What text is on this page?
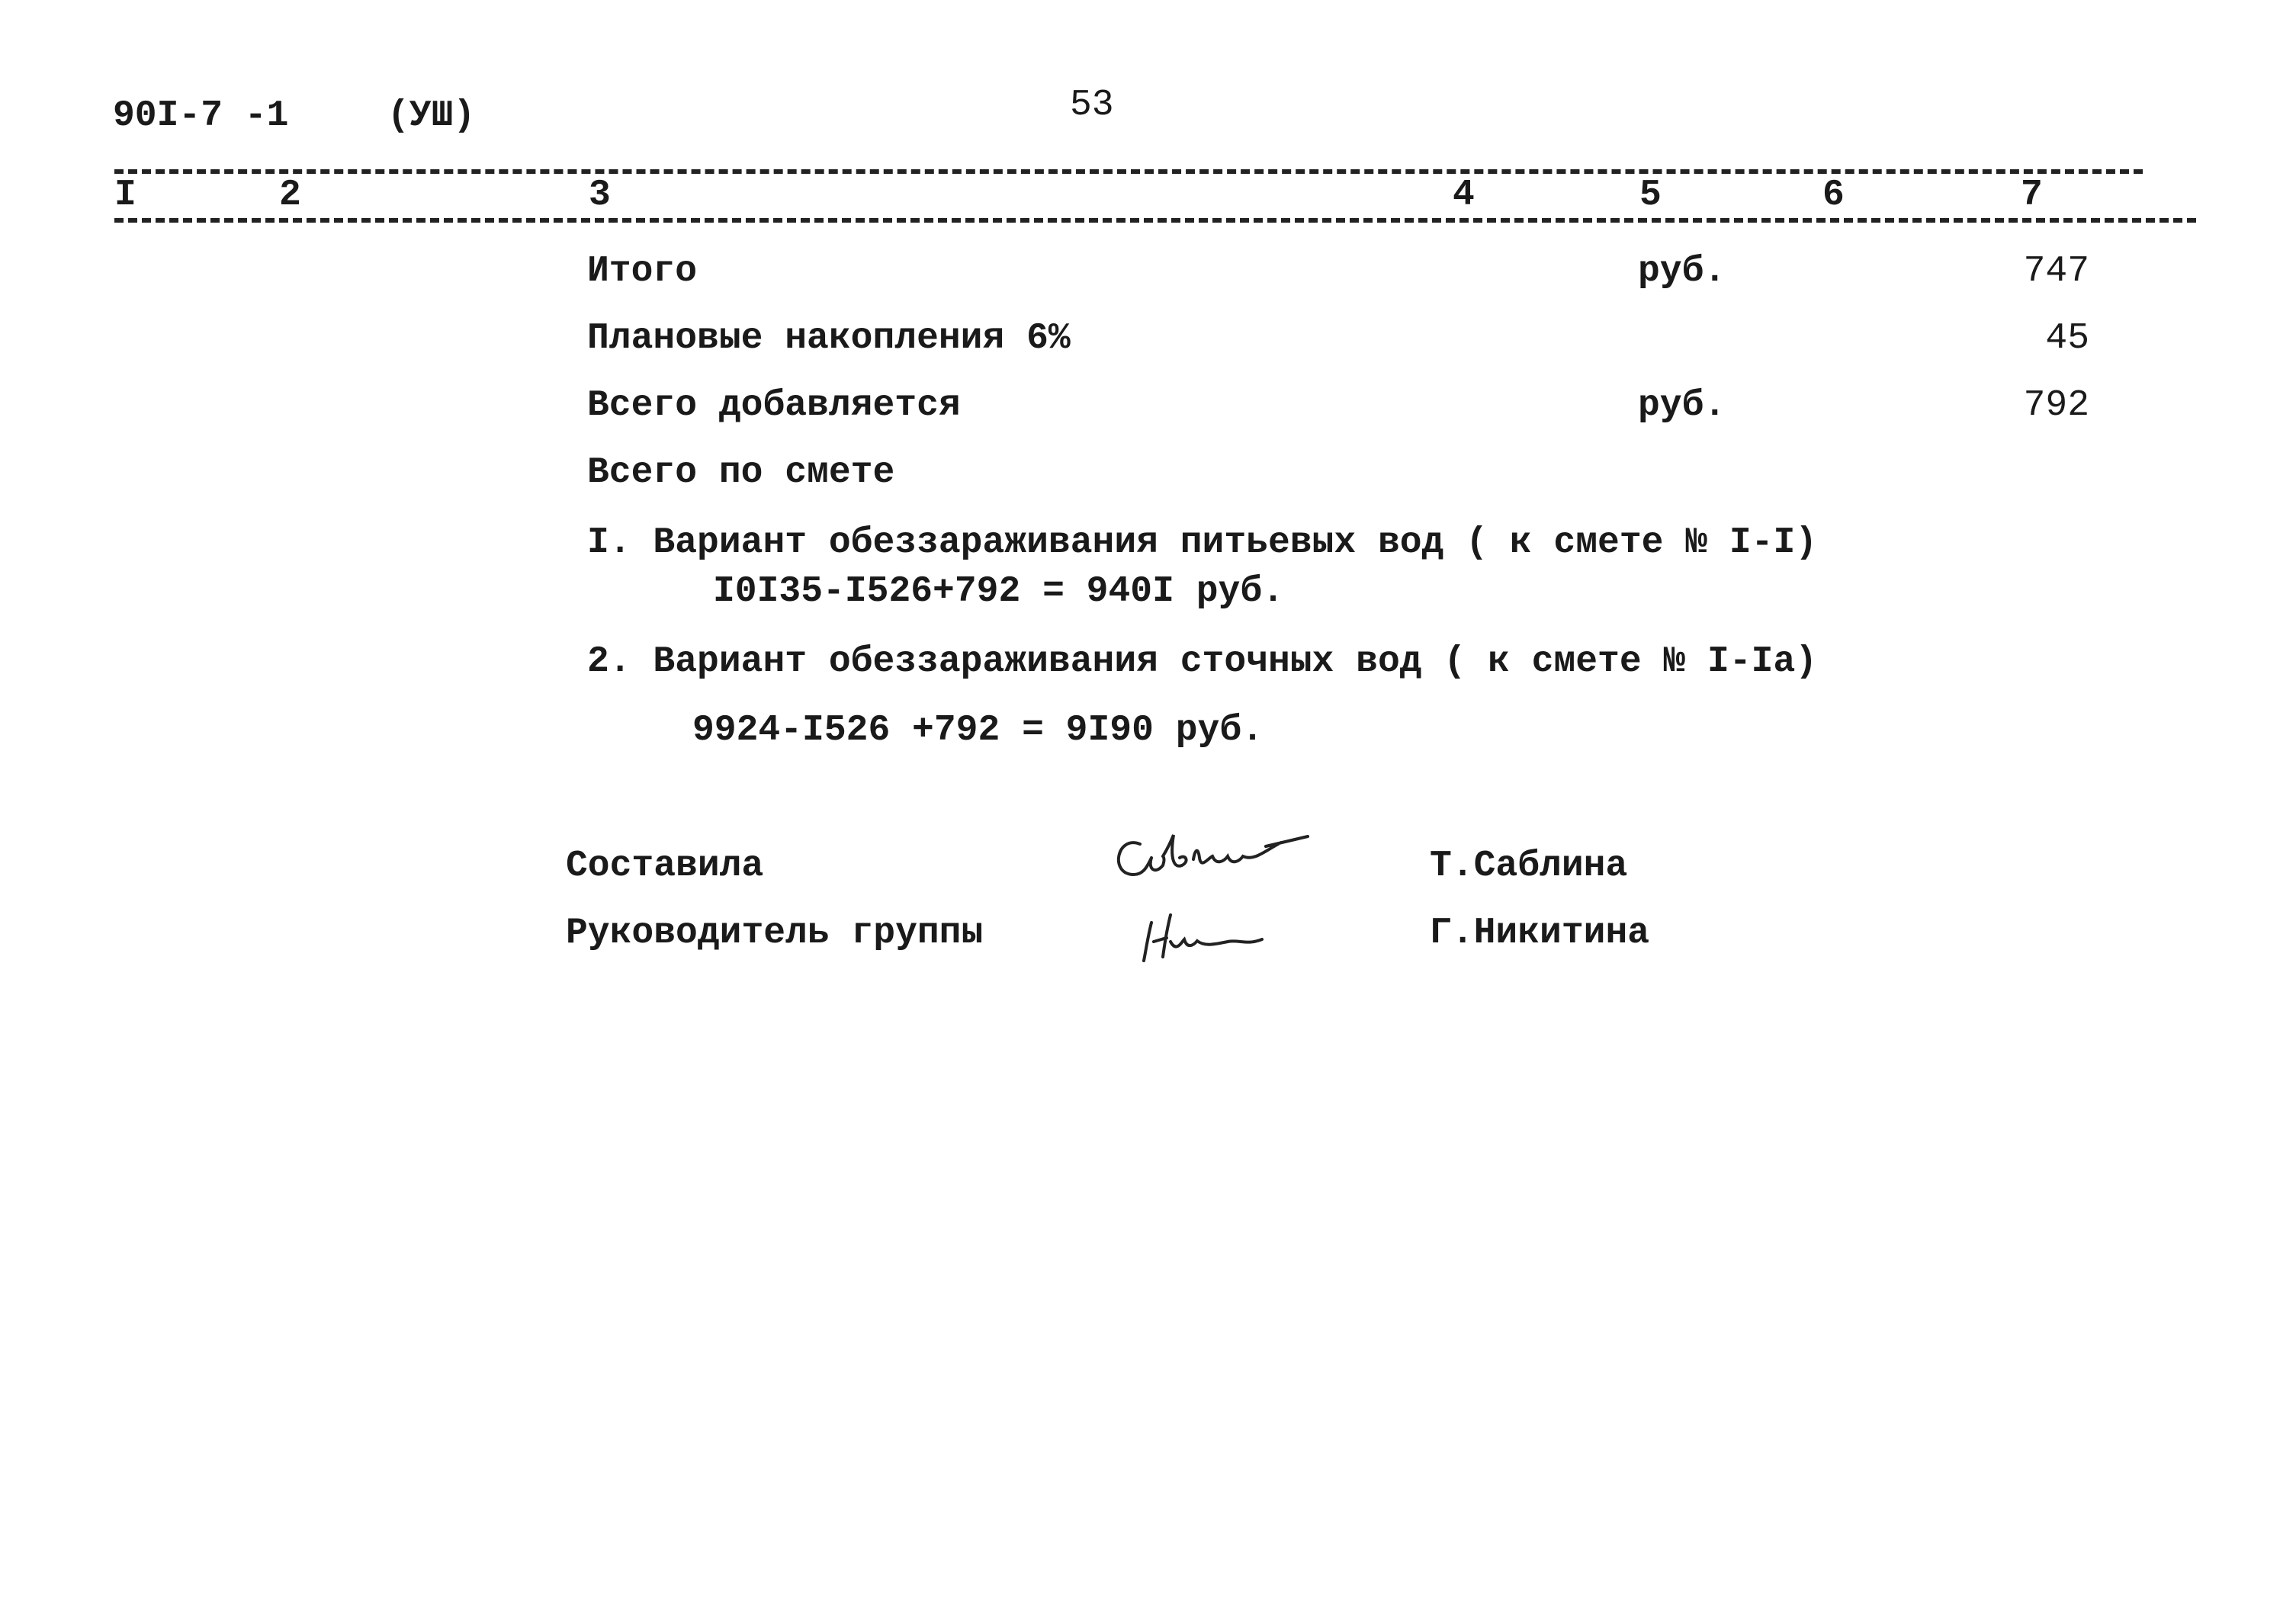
90I-7 -1	(УШ)	53
I	2	3	4	5	6	7
Итого	руб.	747
Плановые накопления 6%	45
Всего добавляется	руб.	792
Всего по смете
I. Вариант обеззараживания питьевых вод ( к смете № I-I)
I0I35-I526+792 = 940I руб.
2. Вариант обеззараживания сточных вод ( к смете № I-Ia)
9924-I526 +792 = 9I90 руб.
Составила	Т.Саблина
Руководитель группы	Г.Никитина
